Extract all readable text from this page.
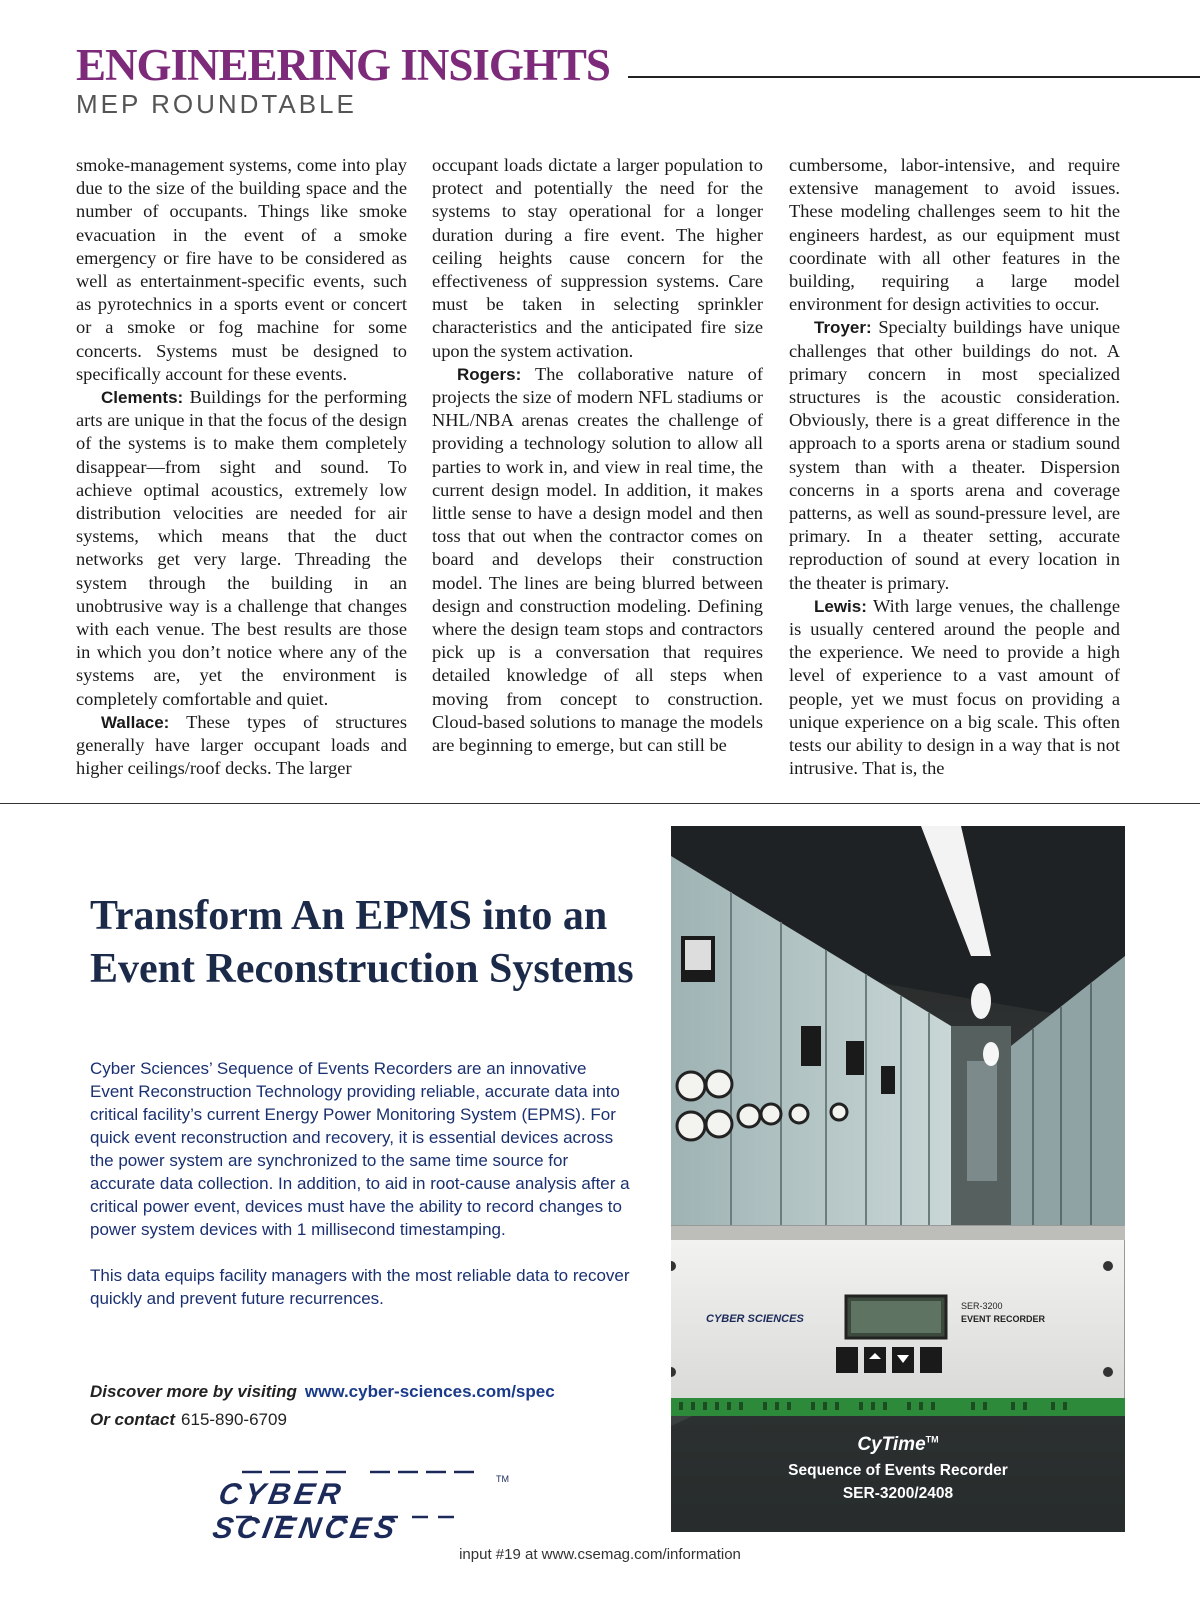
ENGINEERING INSIGHTS
MEP ROUNDTABLE

smoke-management systems, come into play due to the size of the building space and the number of occupants. Things like smoke evacuation in the event of a smoke emergency or fire have to be considered as well as entertainment-specific events, such as pyrotechnics in a sports event or concert or a smoke or fog machine for some concerts. Systems must be designed to specifically account for these events.

Clements: Buildings for the performing arts are unique in that the focus of the design of the systems is to make them completely disappear—from sight and sound. To achieve optimal acoustics, extremely low distribution velocities are needed for air systems, which means that the duct networks get very large. Threading the system through the building in an unobtrusive way is a challenge that changes with each venue. The best results are those in which you don’t notice where any of the systems are, yet the environment is completely comfortable and quiet.

Wallace: These types of structures generally have larger occupant loads and higher ceilings/roof decks. The larger

occupant loads dictate a larger population to protect and potentially the need for the systems to stay operational for a longer duration during a fire event. The higher ceiling heights cause concern for the effectiveness of suppression systems. Care must be taken in selecting sprinkler characteristics and the anticipated fire size upon the system activation.

Rogers: The collaborative nature of projects the size of modern NFL stadiums or NHL/NBA arenas creates the challenge of providing a technology solution to allow all parties to work in, and view in real time, the current design model. In addition, it makes little sense to have a design model and then toss that out when the contractor comes on board and develops their construction model. The lines are being blurred between design and construction modeling. Defining where the design team stops and contractors pick up is a conversation that requires detailed knowledge of all steps when moving from concept to construction. Cloud-based solutions to manage the models are beginning to emerge, but can still be

cumbersome, labor-intensive, and require extensive management to avoid issues. These modeling challenges seem to hit the engineers hardest, as our equipment must coordinate with all other features in the building, requiring a large model environment for design activities to occur.

Troyer: Specialty buildings have unique challenges that other buildings do not. A primary concern in most specialized structures is the acoustic consideration. Obviously, there is a great difference in the approach to a sports arena or stadium sound system than with a theater. Dispersion concerns in a sports arena and coverage patterns, as well as sound-pressure level, are primary. In a theater setting, accurate reproduction of sound at every location in the theater is primary.

Lewis: With large venues, the challenge is usually centered around the people and the experience. We need to provide a high level of experience to a vast amount of people, yet we must focus on providing a unique experience on a big scale. This often tests our ability to design in a way that is not intrusive. That is, the

Transform An EPMS into an
Event Reconstruction Systems

Cyber Sciences’ Sequence of Events Recorders are an innovative Event Reconstruction Technology providing reliable, accurate data into critical facility’s current Energy Power Monitoring System (EPMS). For quick event reconstruction and recovery, it is essential devices across the power system are synchronized to the same time source for accurate data collection. In addition, to aid in root-cause analysis after a critical power event, devices must have the ability to record changes to power system devices with 1 millisecond timestamping.

This data equips facility managers with the most reliable data to recover quickly and prevent future recurrences.

Discover more by visiting www.cyber-sciences.com/spec
Or contact 615-890-6709
CYBER SCIENCES
TM
CYBER SCIENCES
SER-3200
EVENT RECORDER
CyTime™
Sequence of Events Recorder
SER-3200/2408
input #19 at www.csemag.com/information
